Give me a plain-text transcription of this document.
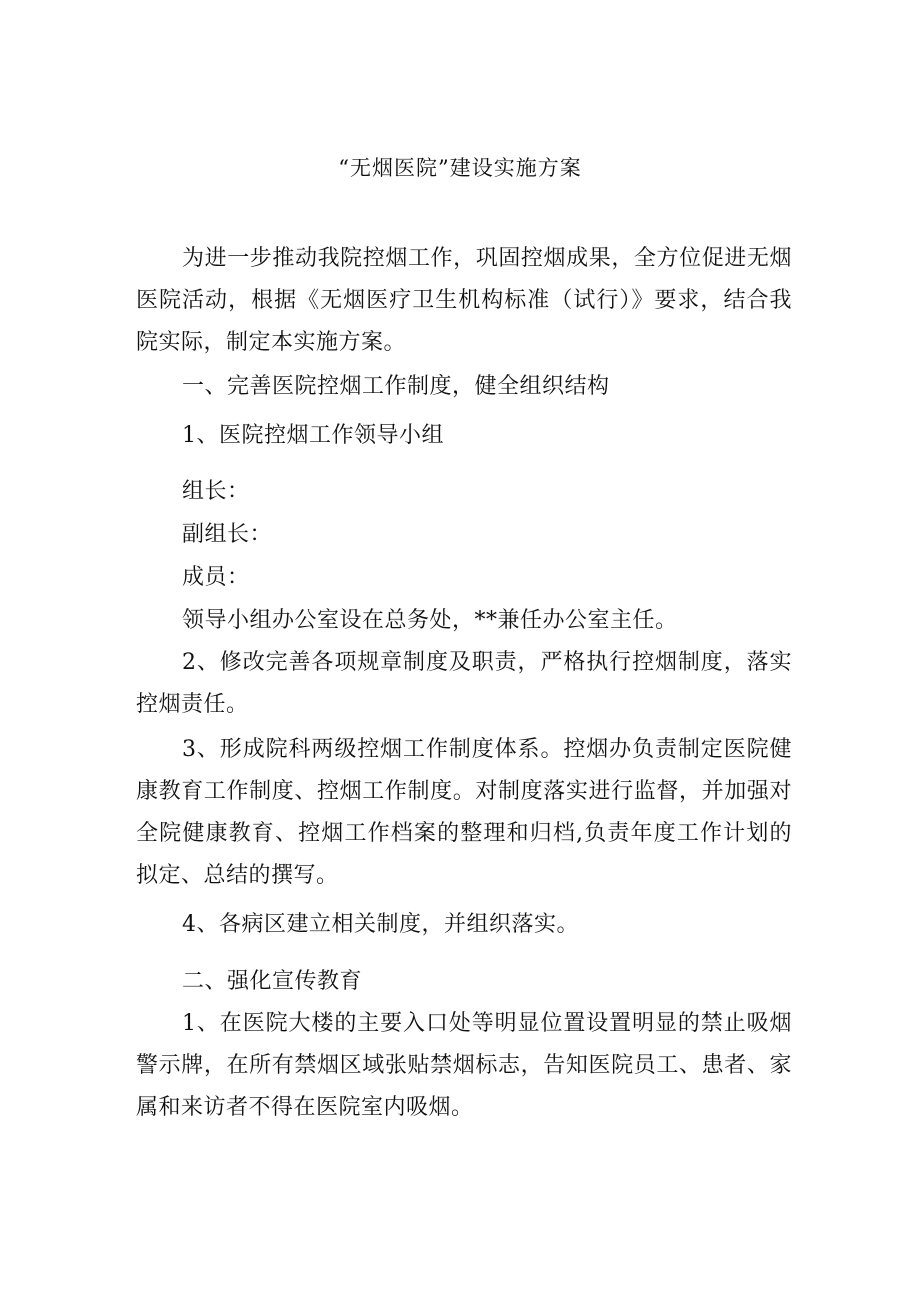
“无烟医院”建设实施方案
为进一步推动我院控烟工作，巩固控烟成果，全方位促进无烟医院活动，根据《无烟医疗卫生机构标准（试行）》要求，结合我院实际，制定本实施方案。
一、完善医院控烟工作制度，健全组织结构
1、医院控烟工作领导小组
组长：
副组长：
成员：
领导小组办公室设在总务处，**兼任办公室主任。
2、修改完善各项规章制度及职责，严格执行控烟制度，落实控烟责任。
3、形成院科两级控烟工作制度体系。控烟办负责制定医院健康教育工作制度、控烟工作制度。对制度落实进行监督，并加强对全院健康教育、控烟工作档案的整理和归档,负责年度工作计划的拟定、总结的撰写。
4、各病区建立相关制度，并组织落实。
二、强化宣传教育
1、在医院大楼的主要入口处等明显位置设置明显的禁止吸烟警示牌，在所有禁烟区域张贴禁烟标志，告知医院员工、患者、家属和来访者不得在医院室内吸烟。
